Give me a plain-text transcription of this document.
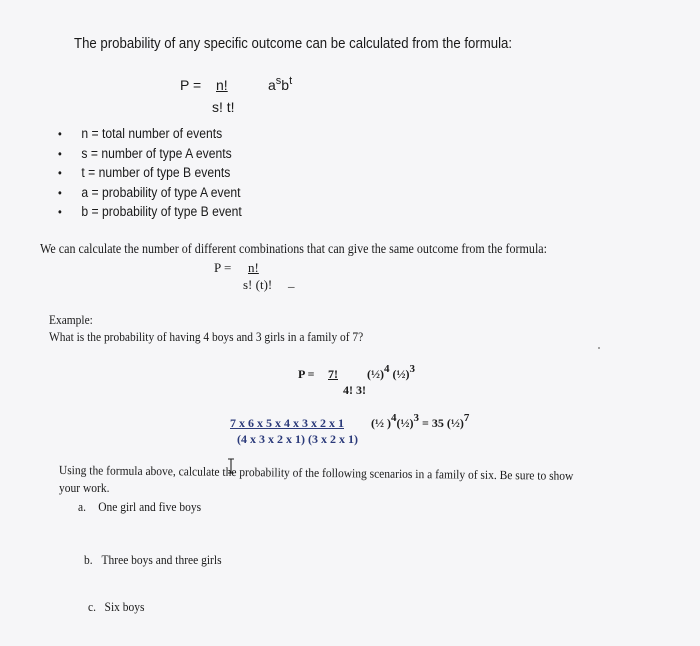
The probability of any specific outcome can be calculated from the formula:
P = n!
s! t!
$a^sb^t$
• n = total number of events
• s = number of type A events
• t = number of type B events
• a = probability of type A event
• b = probability of type B event
We can calculate the number of different combinations that can give the same outcome from the formula:
P =	n!
s! (t)! _
Example:
What is the probability of having 4 boys and 3 girls in a family of 7?
P =	7!
4! 3!
(½)4 (½)3
7 x 6 x 5 x 4 x 3 x 2 x 1
(4 x 3 x 2 x 1) (3 x 2 x 1)
(½ )4(½)3 = 35 (½)7
Using the formula above, calculate the probability of the following scenarios in a family of six. Be sure to show
your work.
a. One girl and five boys
b. Three boys and three girls
c. Six boys
